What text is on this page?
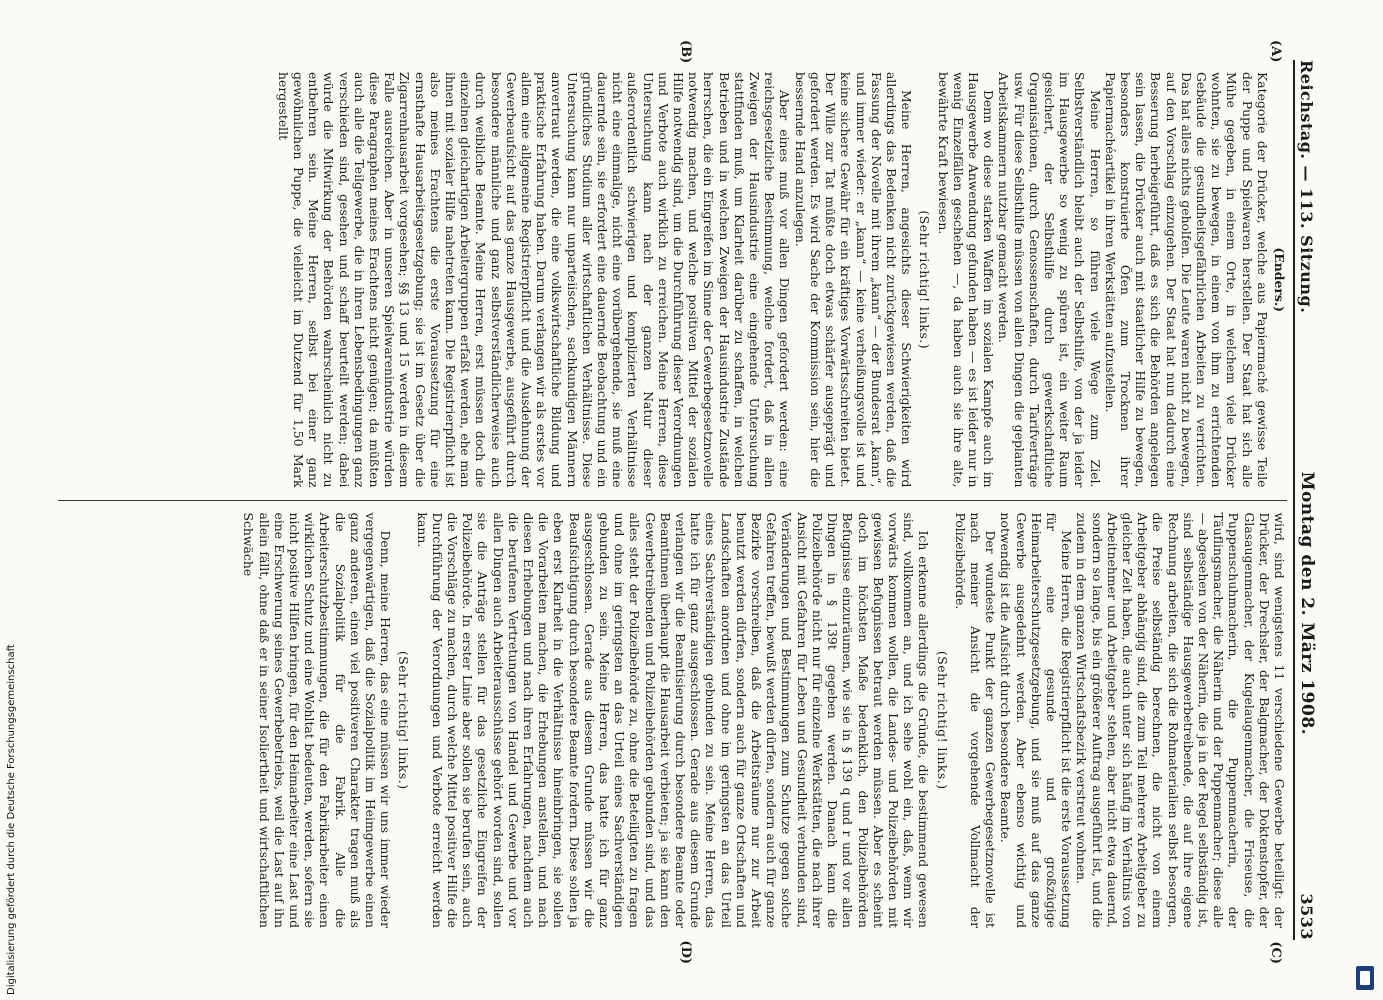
Reichstag. — 113. Sitzung.
Montag den 2. März 1908.
3533
(A)
(B)
(C)
(D)

(Enders.)

Kategorie der Drücker, welche aus Papiermaché gewisse Teile der Puppe und Spielwaren herstellen. Der Staat hat sich alle Mühe gegeben, in einem Orte, in welchem viele Drücker wohnten, sie zu bewegen, in einem von ihm zu errichtenden Gebäude die gesundheitsgefährlichen Arbeiten zu verrichten. Das hat alles nichts geholfen. Die Leute waren nicht zu bewegen, auf den Vorschlag einzugehen. Der Staat hat nun dadurch eine Besserung herbeigeführt, daß es sich die Behörden angelegen sein lassen, die Drücker auch mit staatlicher Hilfe zu bewegen, besonders konstruierte Öfen zum Trocknen ihrer Papiermachéartikel in ihren Werkstätten aufzustellen.

Meine Herren, so führen viele Wege zum Ziel. Selbstverständlich bleibt auch der Selbsthilfe, von der ja leider im Hausgewerbe so wenig zu spüren ist, ein weiter Raum gesichert, der Selbsthilfe durch gewerkschaftliche Organisationen, durch Genossenschaften, durch Tarifverträge usw. Für diese Selbsthilfe müssen von allen Dingen die geplanten Arbeitskammern nutzbar gemacht werden.

Denn wo diese starken Waffen im sozialen Kampfe auch im Hausgewerbe Anwendung gefunden haben — es ist leider nur in wenig Einzelfällen geschehen —, da haben auch sie ihre alte, bewährte Kraft bewiesen.

(Sehr richtig! links.)

Meine Herren, angesichts dieser Schwierigkeiten wird allerdings das Bedenken nicht zurückgewiesen werden, daß die Fassung der Novelle mit ihrem „kann“ — der Bundesrat „kann“, und immer wieder: er „kann“ — keine verheißungsvolle ist und keine sichere Gewähr für ein kräftiges Vorwärtsschreiten bietet. Der Wille zur Tat müßte doch etwas schärfer ausgeprägt und gefordert werden. Es wird Sache der Kommission sein, hier die bessernde Hand anzulegen.

Aber eines muß vor allen Dingen gefordert werden: eine reichsgesetzliche Bestimmung, welche fordert, daß in allen Zweigen der Hausindustrie eine eingehende Untersuchung stattfinden muß, um Klarheit darüber zu schaffen, in welchen Betrieben und in welchen Zweigen der Hausindustrie Zustände herrschen, die ein Eingreifen im Sinne der Gewerbegesetznovelle notwendig machen, und welche positiven Mittel der sozialen Hilfe notwendig sind, um die Durchführung dieser Verordnungen und Verbote auch wirklich zu erreichen. Meine Herren, diese Untersuchung kann nach der ganzen Natur dieser außerordentlich schwierigen und komplizierten Verhältnisse nicht eine einmalige, nicht eine vorübergehende, sie muß eine dauernde sein, sie erfordert eine dauernde Beobachtung und ein gründliches Studium aller wirtschaftlichen Verhältnisse. Diese Untersuchung kann nur unparteiischen, sachkundigen Männern anvertraut werden, die eine volkswirtschaftliche Bildung und praktische Erfahrung haben. Darum verlangen wir als erstes vor allem eine allgemeine Registrierpflicht und die Ausdehnung der Gewerbeaufsicht auf das ganze Hausgewerbe, ausgeführt durch besondere männliche und ganz selbstverständlicherweise auch durch weibliche Beamte. Meine Herren, erst müssen doch die einzelnen gleichartigen Arbeitergruppen erfaßt werden, ehe man ihnen mit sozialer Hilfe nahetreten kann. Die Registrierpflicht ist also meines Erachtens die erste Voraussetzung für eine ernsthafte Hausarbeitsgesetzgebung; sie ist im Gesetz über die Zigarrenhausarbeit vorgesehen; §§ 13 und 15 werden in diesem Falle ausreichen. Aber in unseren Spielwarenindustrie würden diese Paragraphen meines Erachtens nicht genügen; da müßten auch alle die Teilgewerbe, die in ihren Lebensbedingungen ganz verschieden sind, gesehen und schaff beurteilt werden; dabei würde die Mitwirkung der Behörden wahrscheinlich nicht zu entbehren sein. Meine Herren, selbst bei einer ganz gewöhnlichen Puppe, die vielleicht im Dutzend für 1,50 Mark hergestellt

wird, sind wenigstens 11 verschiedene Gewerbe beteiligt: der Drücker, der Drechsler, der Balgmacher, der Doktenstopfer, der Glasaugenmacher, der Kugelaugenmacher, die Friseuse, die Puppenschuhmacherin, die Puppenmacherin, der Täuflingsmacher, die Näherin und der Puppenmacher; diese alle — abgesehen von der Näherin, die ja in der Regel selbständig ist, sind selbständige Hausgewerbetreibende, die auf ihre eigene Rechnung arbeiten, die sich die Rohmaterialien selbst besorgen, die Preise selbständig berechnen, die nicht von einem Arbeitgeber abhängig sind, die zum Teil mehrere Arbeitgeber zu gleicher Zeit haben, die auch unter sich häufig im Verhältnis von Arbeitnehmer und Arbeitgeber stehen, aber nicht etwa dauernd, sondern so lange, bis ein größerer Auftrag ausgeführt ist, und die zudem in dem ganzen Wirtschaftsbezirk verstreut wohnen.

Meine Herren, die Registrierpflicht ist die erste Voraussetzung für eine gesunde und großzügige Heimarbeiterschutzgesetzgebung, und sie muß auf das ganze Gewerbe ausgedehnt werden. Aber ebenso wichtig und notwendig ist die Aufsicht durch besondere Beamte.

Der wundeste Punkt der ganzen Gewerbegesetznovelle ist nach meiner Ansicht die vorgehende Vollmacht der Polizeibehörde.

(Sehr richtig! links.)

Ich erkenne allerdings die Gründe, die bestimmend gewesen sind, vollkommen an, und ich sehe wohl ein, daß, wenn wir vorwärts kommen wollen, die Landes- und Polizeibehörden mit gewissen Befugnissen betraut werden müssen. Aber es scheint doch im höchsten Maße bedenklich, den Polizeibehörden Befugnisse einzuräumen, wie sie in § 139 q und r und vor allen Dingen in § 139t gegeben werden. Danach kann die Polizeibehörde nicht nur für einzelne Werkstätten, die nach ihrer Ansicht mit Gefahren für Leben und Gesundheit verbunden sind, Veränderungen und Bestimmungen zum Schutze gegen solche Gefahren treffen, bewußt werden dürfen, sondern auch für ganze Bezirke vorschreiben, daß die Arbeitsräume nur zur Arbeit benutzt werden dürfen, sondern auch für ganze Ortschaften und Landschaften anordnen und ohne im geringsten an das Urteil eines Sachverständigen gebunden zu sein. Meine Herren, das hatte ich für ganz ausgeschlossen. Gerade aus diesem Grunde verlangen wir die Beamtisierung durch besondere Beamte oder Beamtinnen überhaupt die Hausarbeit verbieten; ja sie kann den Gewerbetreibenden und Polizeibehörden gebunden sind, und das alles steht der Polizeibehörde zu, ohne die Beteiligten zu fragen und ohne im geringsten an das Urteil eines Sachverständigen gebunden zu sein. Meine Herren, das hatte ich für ganz ausgeschlossen. Gerade aus diesem Grunde müssen wir die Beaufsichtigung durch besondere Beamte fordern. Diese sollen ja eben erst Klarheit in die Verhältnisse hineinbringen, sie sollen die Vorarbeiten machen, die Erhebungen anstellen, und nach diesen Erhebungen und nach ihren Erfahrungen, nachdem auch die berufenen Vertretungen von Handel und Gewerbe und vor allen Dingen auch Arbeiterausschüsse gehört worden sind, sollen sie die Anträge stellen für das gesetzliche Eingreifen der Polizeibehörde. In erster Linie aber sollen sie berufen sein, auch die Vorschläge zu machen, durch welche Mittel positiver Hilfe die Durchführung der Verordnungen und Verbote erreicht werden kann.

(Sehr richtig! links.)

Denn, meine Herren, das eine müssen wir uns immer wieder vergegenwärtigen, daß die Sozialpolitik im Heimgewerbe einen ganz anderen, einen viel positiveren Charakter tragen muß als die Sozialpolitik für die Fabrik. Alle die Arbeiterschutzbestimmungen, die für den Fabrikarbeiter einen wirklichen Schutz und eine Wohltat bedeuten, werden, sofern sie nicht positive Hilfen bringen, für den Heimarbeiter eine Last und eine Erschwerung seines Gewerbebetriebs, weil die Last auf ihn allein fällt, ohne daß er in seiner Isoliertheit und wirtschaftlichen Schwäche

Digitalisierung gefördert durch die Deutsche Forschungsgemeinschaft
